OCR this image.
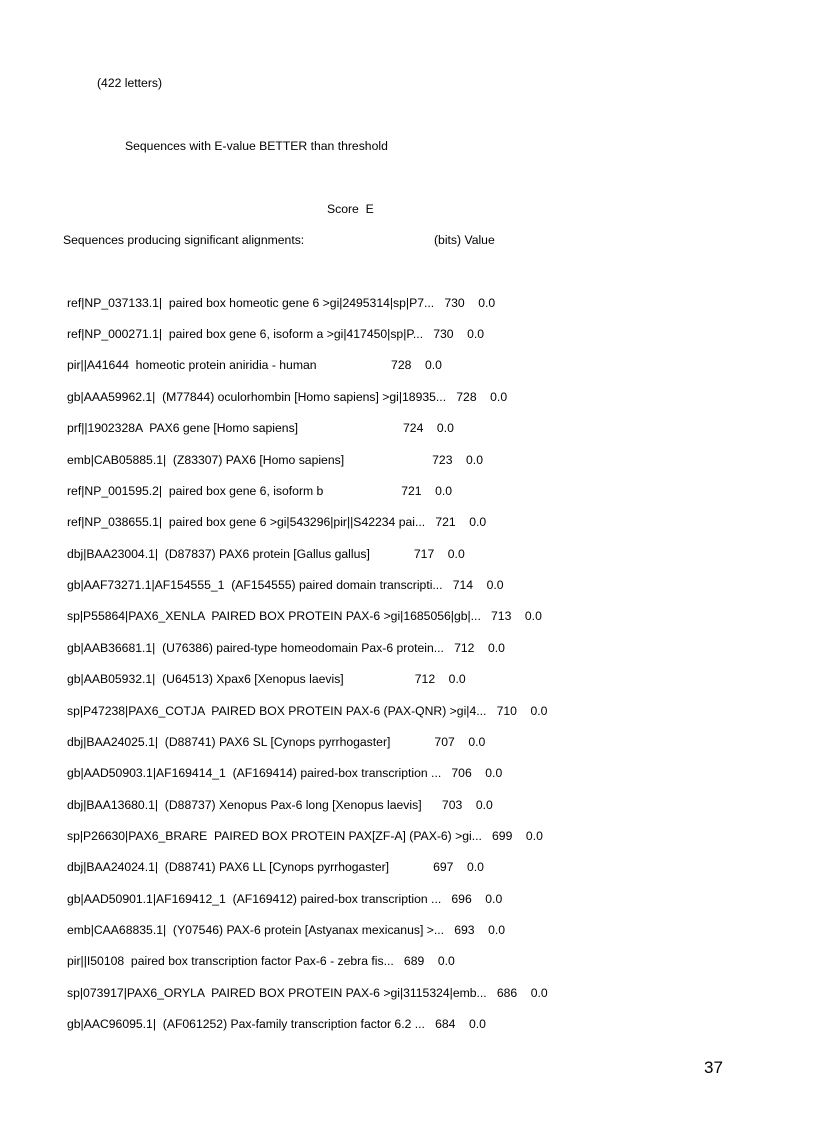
(422 letters)
Sequences with E-value BETTER than threshold
Score  E
Sequences producing significant alignments:	(bits) Value
ref|NP_037133.1|  paired box homeotic gene 6 >gi|2495314|sp|P7... 730 0.0
ref|NP_000271.1|  paired box gene 6, isoform a >gi|417450|sp|P... 730 0.0
pir||A41644  homeotic protein aniridia - human	728 0.0
gb|AAA59962.1|  (M77844) oculorhombin [Homo sapiens] >gi|18935... 728 0.0
prf||1902328A  PAX6 gene [Homo sapiens]	724 0.0
emb|CAB05885.1|  (Z83307) PAX6 [Homo sapiens]	723 0.0
ref|NP_001595.2|  paired box gene 6, isoform b	721 0.0
ref|NP_038655.1|  paired box gene 6 >gi|543296|pir||S42234 pai... 721 0.0
dbj|BAA23004.1|  (D87837) PAX6 protein [Gallus gallus]	717 0.0
gb|AAF73271.1|AF154555_1  (AF154555) paired domain transcripti... 714 0.0
sp|P55864|PAX6_XENLA  PAIRED BOX PROTEIN PAX-6 >gi|1685056|gb|... 713 0.0
gb|AAB36681.1|  (U76386) paired-type homeodomain Pax-6 protein... 712 0.0
gb|AAB05932.1|  (U64513) Xpax6 [Xenopus laevis]	712 0.0
sp|P47238|PAX6_COTJA  PAIRED BOX PROTEIN PAX-6 (PAX-QNR) >gi|4... 710 0.0
dbj|BAA24025.1|  (D88741) PAX6 SL [Cynops pyrrhogaster]	707 0.0
gb|AAD50903.1|AF169414_1  (AF169414) paired-box transcription ... 706 0.0
dbj|BAA13680.1|  (D88737) Xenopus Pax-6 long [Xenopus laevis] 703 0.0
sp|P26630|PAX6_BRARE  PAIRED BOX PROTEIN PAX[ZF-A] (PAX-6) >gi... 699 0.0
dbj|BAA24024.1|  (D88741) PAX6 LL [Cynops pyrrhogaster]	697 0.0
gb|AAD50901.1|AF169412_1  (AF169412) paired-box transcription ... 696 0.0
emb|CAA68835.1|  (Y07546) PAX-6 protein [Astyanax mexicanus] >... 693 0.0
pir||I50108  paired box transcription factor Pax-6 - zebra fis... 689 0.0
sp|073917|PAX6_ORYLA  PAIRED BOX PROTEIN PAX-6 >gi|3115324|emb... 686 0.0
gb|AAC96095.1|  (AF061252) Pax-family transcription factor 6.2 ... 684 0.0
37
